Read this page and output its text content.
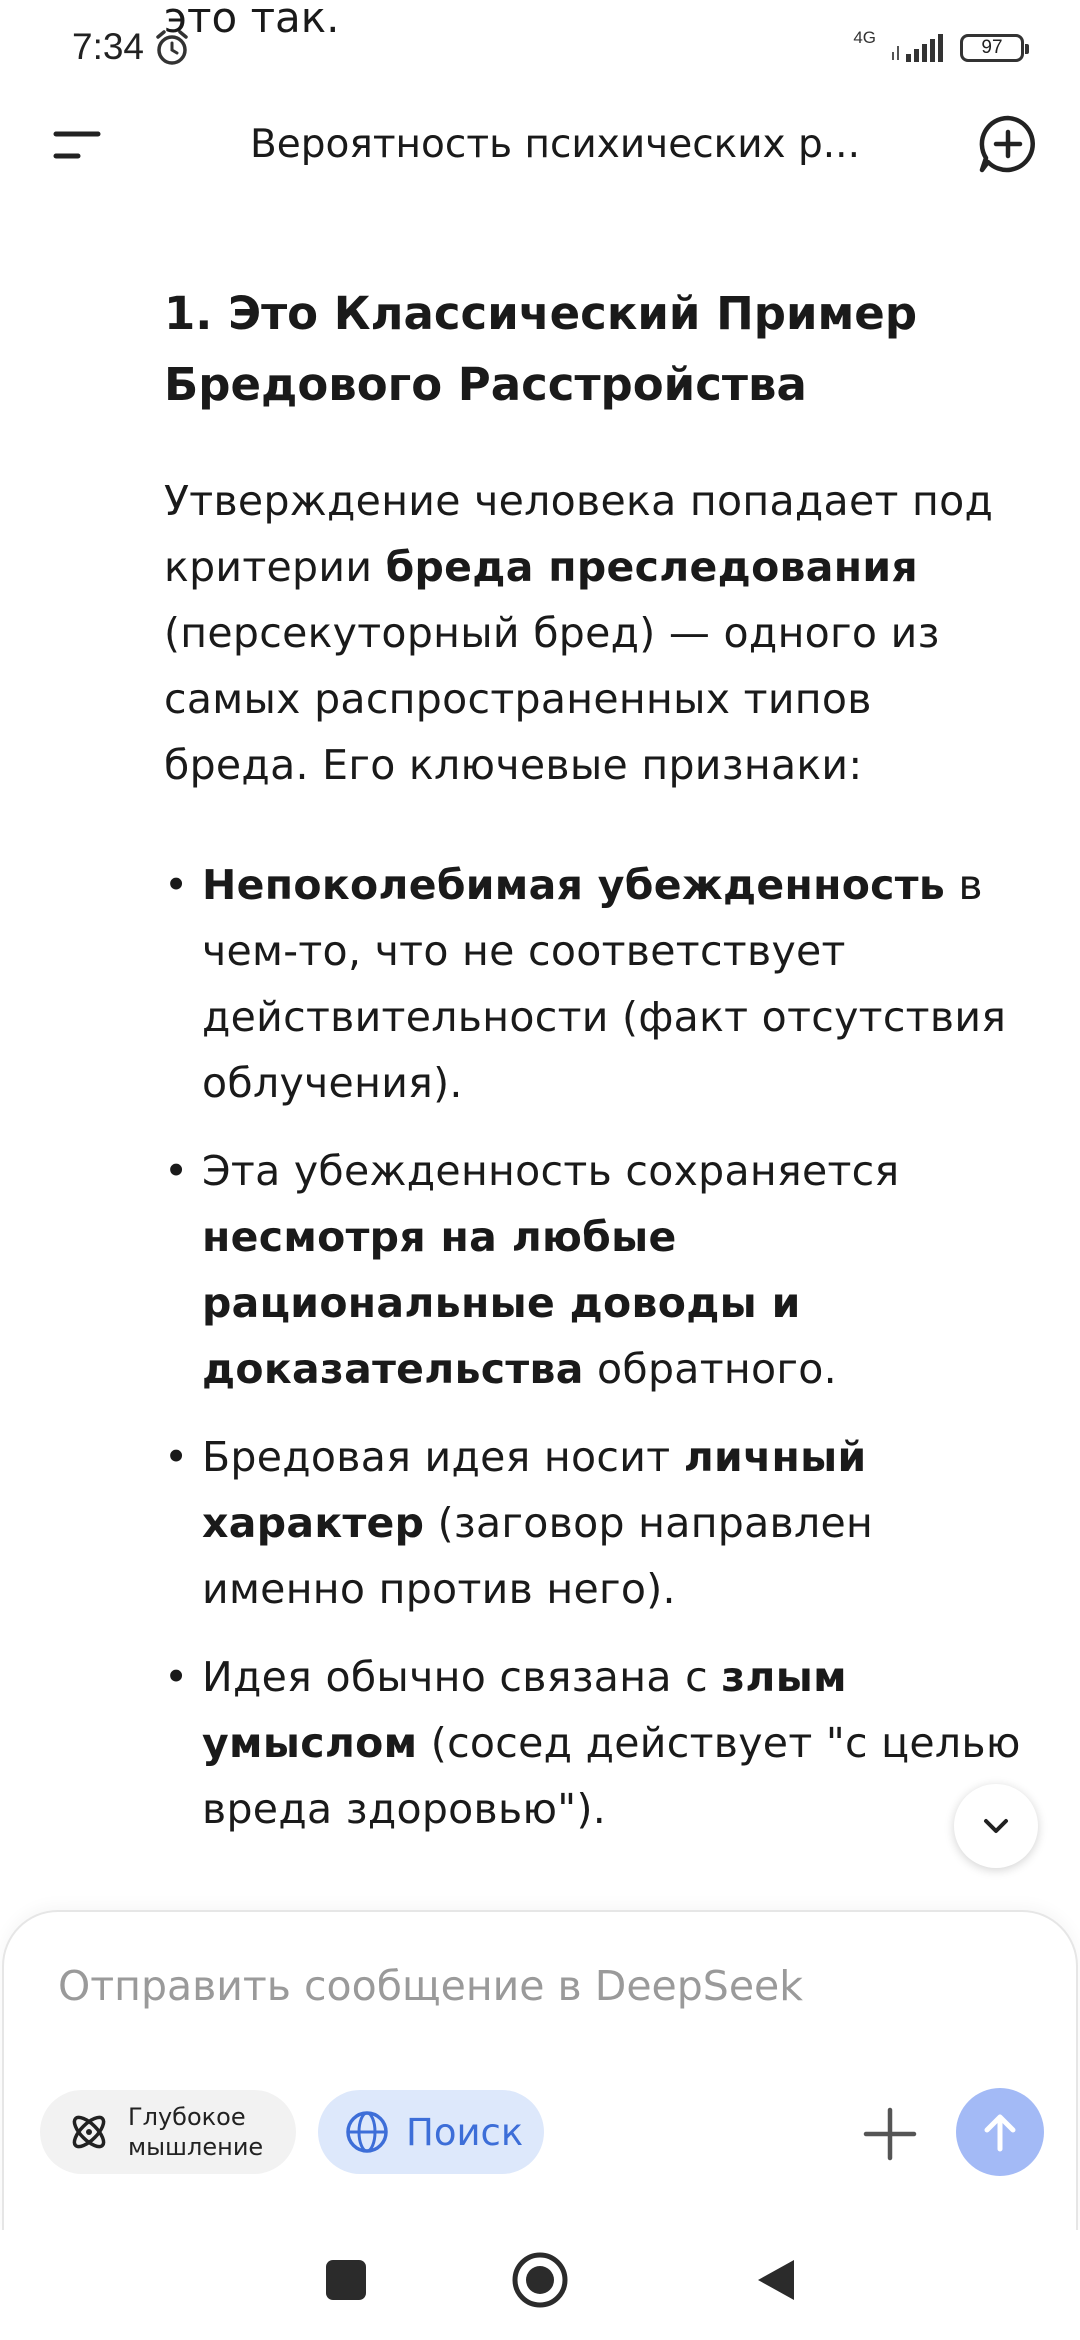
7:34	4G	97
Вероятность психических р...
это так.
1. Это Классический Пример Бредового Расстройства

Утверждение человека попадает под критерии бреда преследования (персекуторный бред) — одного из самых распространенных типов бреда. Его ключевые признаки:

• Непоколебимая убежденность в чем-то, что не соответствует действительности (факт отсутствия облучения).
• Эта убежденность сохраняется несмотря на любые рациональные доводы и доказательства обратного.
• Бредовая идея носит личный характер (заговор направлен именно против него).
• Идея обычно связана с злым умыслом (сосед действует "с целью вреда здоровью").
Отправить сообщение в DeepSeek
Глубокое мышление	Поиск
